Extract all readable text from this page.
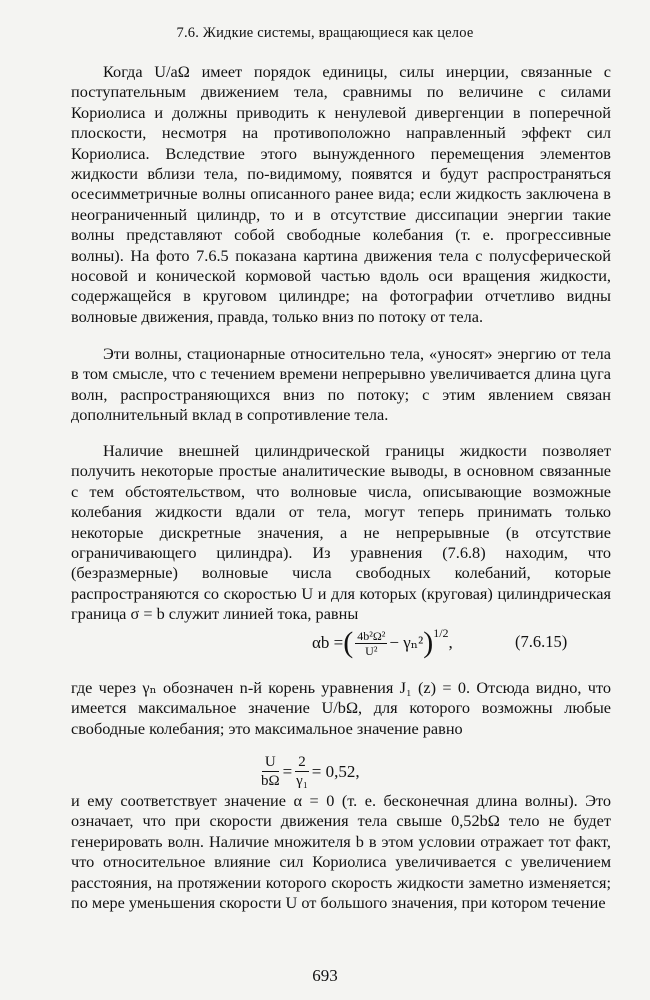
7.6. Жидкие системы, вращающиеся как целое

Когда U/aΩ имеет порядок единицы, силы инерции, связанные с поступательным движением тела, сравнимы по величине с силами Кориолиса и должны приводить к ненулевой дивергенции в поперечной плоскости, несмотря на противоположно направленный эффект сил Кориолиса. Вследствие этого вынужденного перемещения элементов жидкости вблизи тела, по-видимому, появятся и будут распространяться осесимметричные волны описанного ранее вида; если жидкость заключена в неограниченный цилиндр, то и в отсутствие диссипации энергии такие волны представляют собой свободные колебания (т. е. прогрессивные волны). На фото 7.6.5 показана картина движения тела с полусферической носовой и конической кормовой частью вдоль оси вращения жидкости, содержащейся в круговом цилиндре; на фотографии отчетливо видны волновые движения, правда, только вниз по потоку от тела.

Эти волны, стационарные относительно тела, «уносят» энергию от тела в том смысле, что с течением времени непрерывно увеличивается длина цуга волн, распространяющихся вниз по потоку; с этим явлением связан дополнительный вклад в сопротивление тела.

Наличие внешней цилиндрической границы жидкости позволяет получить некоторые простые аналитические выводы, в основном связанные с тем обстоятельством, что волновые числа, описывающие возможные колебания жидкости вдали от тела, могут теперь принимать только некоторые дискретные значения, а не непрерывные (в отсутствие ограничивающего цилиндра). Из уравнения (7.6.8) находим, что (безразмерные) волновые числа свободных колебаний, которые распространяются со скоростью U и для которых (круговая) цилиндрическая граница σ = b служит линией тока, равны

αb = ( $\frac{\text{4b²Ω²}}{\text{U²}} - \gamma_n^2$ )$^{1/2}$
,	(7.6.15)

где через γₙ обозначен n-й корень уравнения J₁ (z) = 0. Отсюда видно, что имеется максимальное значение U/bΩ, для которого возможны любые свободные колебания; это максимальное значение равно

$\frac{U}{b\Omega} = \frac{2}{\text{γ₁}} = 0,52$,

и ему соответствует значение α = 0 (т. е. бесконечная длина волны). Это означает, что при скорости движения тела свыше 0,52bΩ тело не будет генерировать волн. Наличие множителя b в этом условии отражает тот факт, что относительное влияние сил Кориолиса увеличивается с увеличением расстояния, на протяжении которого скорость жидкости заметно изменяется; по мере уменьшения скорости U от большого значения, при котором течение

693
